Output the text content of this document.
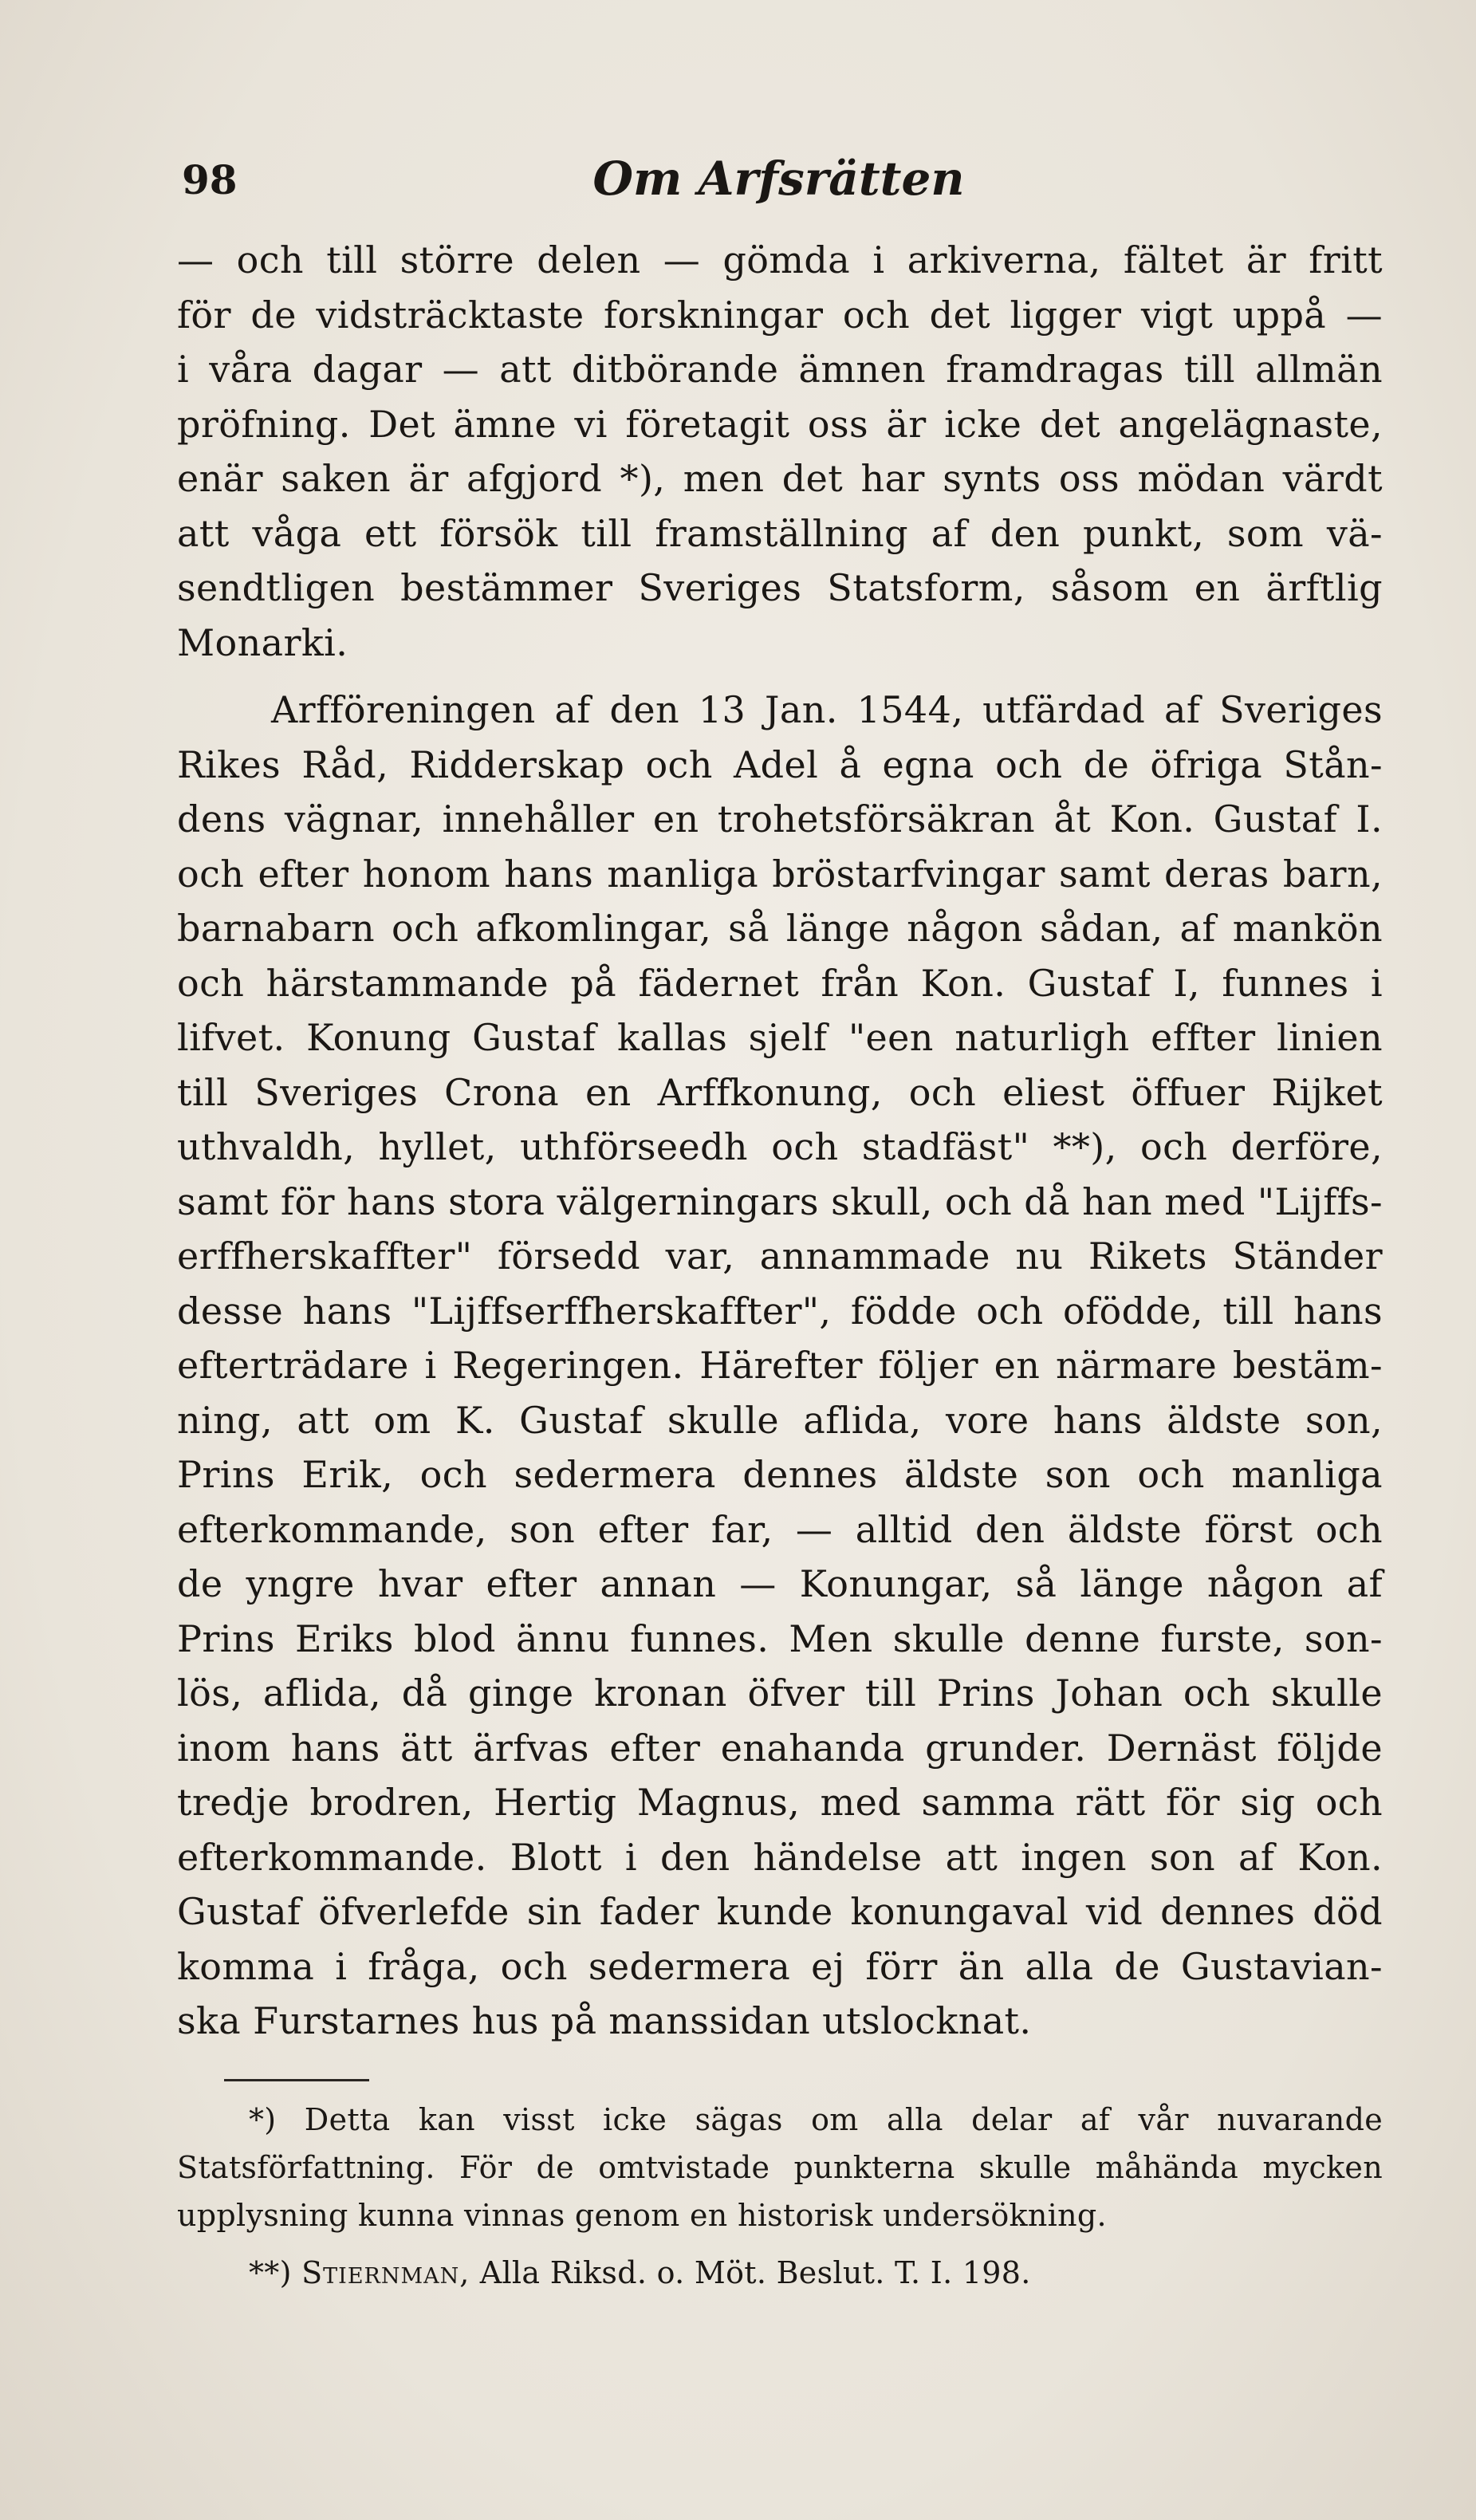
98	Om Arfsrätten
— och till större delen — gömda i arkiverna, fältet är fritt
för de vidsträcktaste forskningar och det ligger vigt uppå —
i våra dagar — att ditbörande ämnen framdragas till allmän
pröfning. Det ämne vi företagit oss är icke det angelägnaste,
enär saken är afgjord *), men det har synts oss mödan värdt
att våga ett försök till framställning af den punkt, som vä-
sendtligen bestämmer Sveriges Statsform, såsom en ärftlig
Monarki.
Arfföreningen af den 13 Jan. 1544, utfärdad af Sveriges
Rikes Råd, Ridderskap och Adel å egna och de öfriga Stån-
dens vägnar, innehåller en trohetsförsäkran åt Kon. Gustaf I.
och efter honom hans manliga bröstarfvingar samt deras barn,
barnabarn och afkomlingar, så länge någon sådan, af mankön
och härstammande på fädernet från Kon. Gustaf I, funnes i
lifvet. Konung Gustaf kallas sjelf "een naturligh effter linien
till Sveriges Crona en Arffkonung, och eliest öffuer Rijket
uthvaldh, hyllet, uthförseedh och stadfäst" **), och derföre,
samt för hans stora välgerningars skull, och då han med "Lijffs-
erffherskaffter" försedd var, annammade nu Rikets Ständer
desse hans "Lijffserffherskaffter", födde och ofödde, till hans
efterträdare i Regeringen. Härefter följer en närmare bestäm-
ning, att om K. Gustaf skulle aflida, vore hans äldste son,
Prins Erik, och sedermera dennes äldste son och manliga
efterkommande, son efter far, — alltid den äldste först och
de yngre hvar efter annan — Konungar, så länge någon af
Prins Eriks blod ännu funnes. Men skulle denne furste, son-
lös, aflida, då ginge kronan öfver till Prins Johan och skulle
inom hans ätt ärfvas efter enahanda grunder. Dernäst följde
tredje brodren, Hertig Magnus, med samma rätt för sig och
efterkommande. Blott i den händelse att ingen son af Kon.
Gustaf öfverlefde sin fader kunde konungaval vid dennes död
komma i fråga, och sedermera ej förr än alla de Gustavian-
ska Furstarnes hus på manssidan utslocknat.
*) Detta kan visst icke sägas om alla delar af vår nuvarande
Statsförfattning. För de omtvistade punkterna skulle måhända mycken
upplysning kunna vinnas genom en historisk undersökning.
**) Stiernman, Alla Riksd. o. Möt. Beslut. T. I. 198.
